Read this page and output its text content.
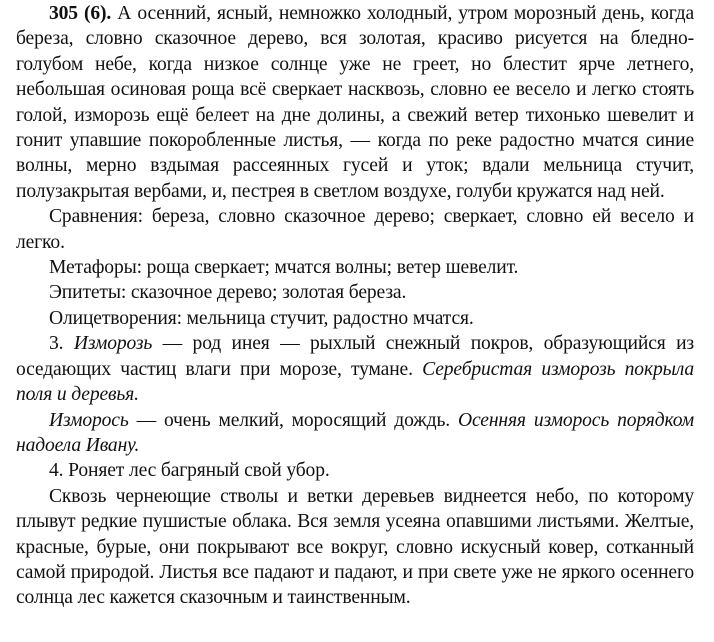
305 (6). А осенний, ясный, немножко холодный, утром морозный день, когда береза, словно сказочное дерево, вся золотая, красиво рисуется на бледно-голубом небе, когда низкое солнце уже не греет, но блестит ярче летнего, небольшая осиновая роща всё сверкает насквозь, словно ее весело и легко стоять голой, изморозь ещё белеет на дне долины, а свежий ветер тихонько шевелит и гонит упавшие покоробленные листья, — когда по реке радостно мчатся синие волны, мерно вздымая рассеянных гусей и уток; вдали мельница стучит, полузакрытая вербами, и, пестрея в светлом воздухе, голуби кружатся над ней.

Сравнения: береза, словно сказочное дерево; сверкает, словно ей весело и легко.

Метафоры: роща сверкает; мчатся волны; ветер шевелит.

Эпитеты: сказочное дерево; золотая береза.

Олицетворения: мельница стучит, радостно мчатся.

3. Изморозь — род инея — рыхлый снежный покров, образующийся из оседающих частиц влаги при морозе, тумане. Серебристая изморозь покрыла поля и деревья.

Изморось — очень мелкий, моросящий дождь. Осенняя изморось порядком надоела Ивану.

4. Роняет лес багряный свой убор.

Сквозь чернеющие стволы и ветки деревьев виднеется небо, по которому плывут редкие пушистые облака. Вся земля усеяна опавшими листьями. Желтые, красные, бурые, они покрывают все вокруг, словно искусный ковер, сотканный самой природой. Листья все падают и падают, и при свете уже не яркого осеннего солнца лес кажется сказочным и таинственным.
